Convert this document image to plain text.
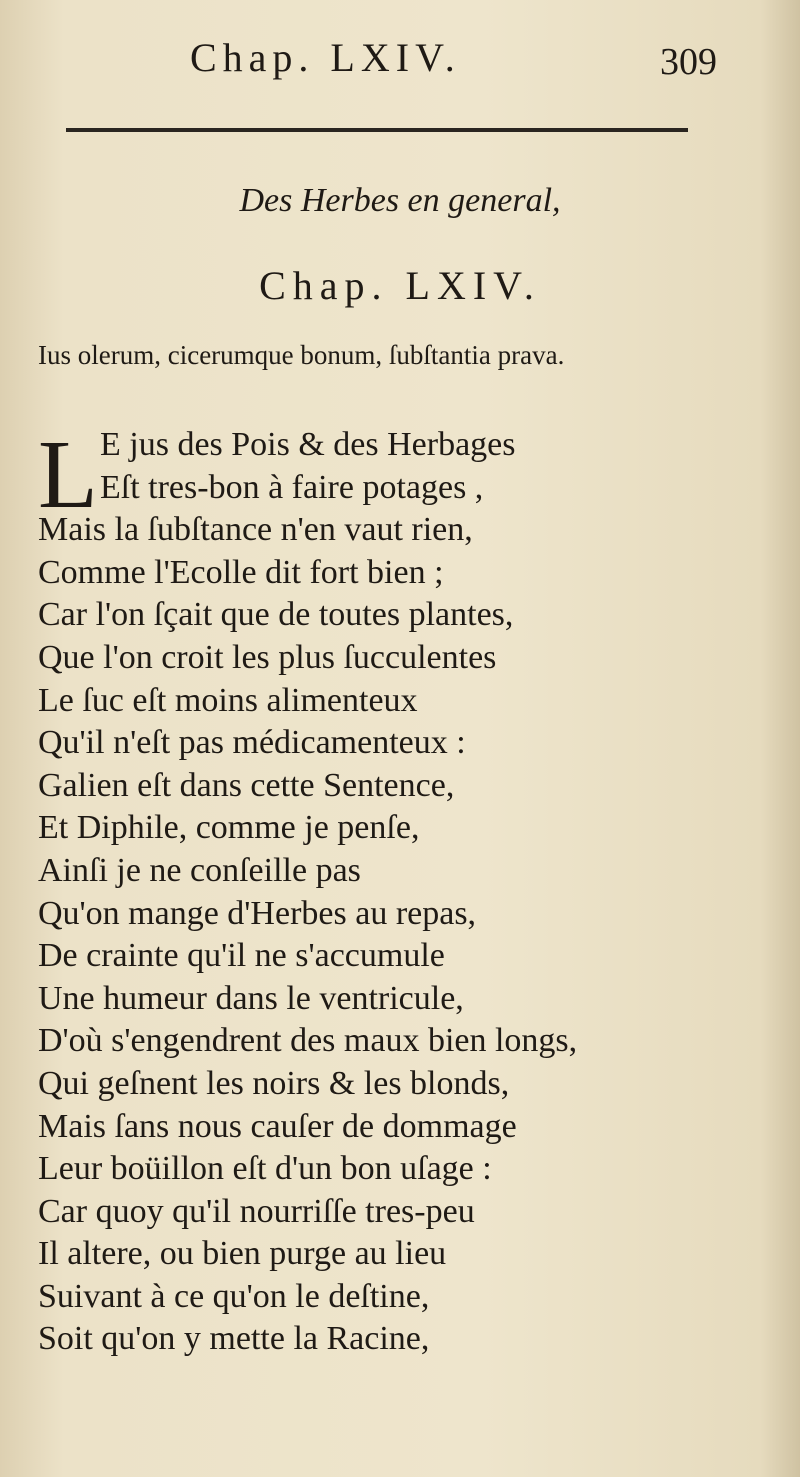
Chap. LXIV.	309
Des Herbes en general,
Chap. LXIV.
Ius olerum, cicerumque bonum, ſubſtantia prava.
L E jus des Pois & des Herbages
Eſt tres-bon à faire potages ,
Mais la ſubſtance n'en vaut rien,
Comme l'Ecolle dit fort bien ;
Car l'on ſçait que de toutes plantes,
Que l'on croit les plus ſucculentes
Le ſuc eſt moins alimenteux
Qu'il n'eſt pas médicamenteux :
Galien eſt dans cette Sentence,
Et Diphile, comme je penſe,
Ainſi je ne conſeille pas
Qu'on mange d'Herbes au repas,
De crainte qu'il ne s'accumule
Une humeur dans le ventricule,
D'où s'engendrent des maux bien longs,
Qui geſnent les noirs & les blonds,
Mais ſans nous cauſer de dommage
Leur boüillon eſt d'un bon uſage :
Car quoy qu'il nourriſſe tres-peu
Il altere, ou bien purge au lieu
Suivant à ce qu'on le deſtine,
Soit qu'on y mette la Racine,
